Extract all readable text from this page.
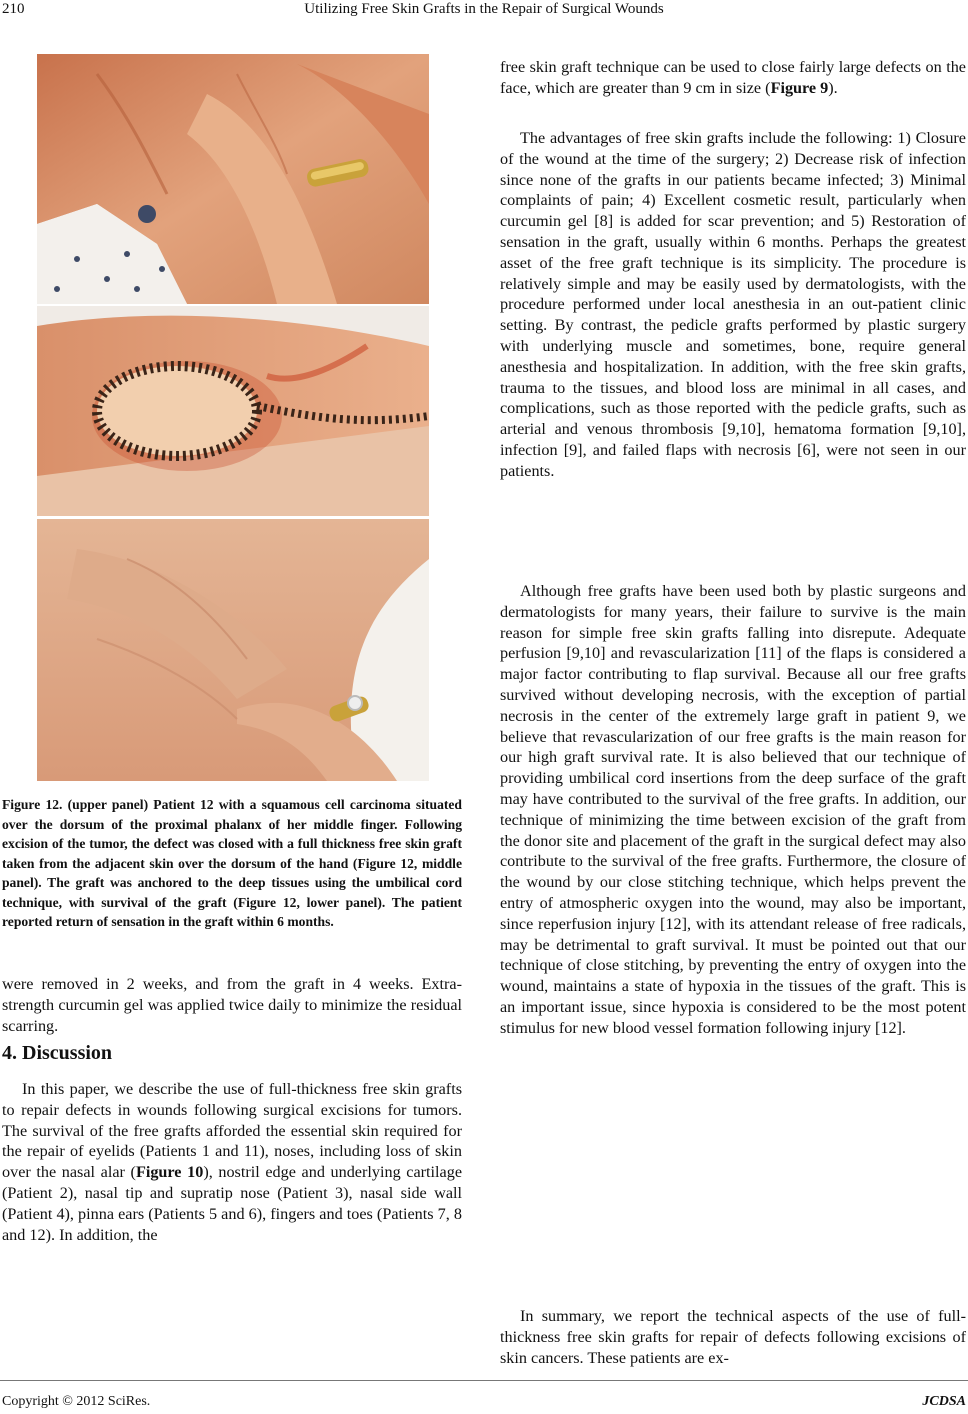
210	Utilizing Free Skin Grafts in the Repair of Surgical Wounds
Figure 12. (upper panel) Patient 12 with a squamous cell carcinoma situated over the dorsum of the proximal phalanx of her middle finger. Following excision of the tumor, the defect was closed with a full thickness free skin graft taken from the adjacent skin over the dorsum of the hand (Figure 12, middle panel). The graft was anchored to the deep tissues using the umbilical cord technique, with survival of the graft (Figure 12, lower panel). The patient reported return of sensation in the graft within 6 months.

were removed in 2 weeks, and from the graft in 4 weeks. Extra-strength curcumin gel was applied twice daily to minimize the residual scarring.

4. Discussion

In this paper, we describe the use of full-thickness free skin grafts to repair defects in wounds following surgical excisions for tumors. The survival of the free grafts afforded the essential skin required for the repair of eyelids (Patients 1 and 11), noses, including loss of skin over the nasal alar (Figure 10), nostril edge and underlying cartilage (Patient 2), nasal tip and supratip nose (Patient 3), nasal side wall (Patient 4), pinna ears (Patients 5 and 6), fingers and toes (Patients 7, 8 and 12). In addition, the

free skin graft technique can be used to close fairly large defects on the face, which are greater than 9 cm in size (Figure 9).

The advantages of free skin grafts include the following: 1) Closure of the wound at the time of the surgery; 2) Decrease risk of infection since none of the grafts in our patients became infected; 3) Minimal complaints of pain; 4) Excellent cosmetic result, particularly when curcumin gel [8] is added for scar prevention; and 5) Restoration of sensation in the graft, usually within 6 months. Perhaps the greatest asset of the free graft technique is its simplicity. The procedure is relatively simple and may be easily used by dermatologists, with the procedure performed under local anesthesia in an out-patient clinic setting. By contrast, the pedicle grafts performed by plastic surgery with underlying muscle and sometimes, bone, require general anesthesia and hospitalization. In addition, with the free skin grafts, trauma to the tissues, and blood loss are minimal in all cases, and complications, such as those reported with the pedicle grafts, such as arterial and venous thrombosis [9,10], hematoma formation [9,10], infection [9], and failed flaps with necrosis [6], were not seen in our patients.

Although free grafts have been used both by plastic surgeons and dermatologists for many years, their failure to survive is the main reason for simple free skin grafts falling into disrepute. Adequate perfusion [9,10] and revascularization [11] of the flaps is considered a major factor contributing to flap survival. Because all our free grafts survived without developing necrosis, with the exception of partial necrosis in the center of the extremely large graft in patient 9, we believe that revascularization of our free grafts is the main reason for our high graft survival rate. It is also believed that our technique of providing umbilical cord insertions from the deep surface of the graft may have contributed to the survival of the free grafts. In addition, our technique of minimizing the time between excision of the graft from the donor site and placement of the graft in the surgical defect may also contribute to the survival of the free grafts. Furthermore, the closure of the wound by our close stitching technique, which helps prevent the entry of atmospheric oxygen into the wound, may also be important, since reperfusion injury [12], with its attendant release of free radicals, may be detrimental to graft survival. It must be pointed out that our technique of close stitching, by preventing the entry of oxygen into the wound, maintains a state of hypoxia in the tissues of the graft. This is an important issue, since hypoxia is considered to be the most potent stimulus for new blood vessel formation following injury [12].

In summary, we report the technical aspects of the use of full-thickness free skin grafts for repair of defects following excisions of skin cancers. These patients are ex-

Copyright © 2012 SciRes.	JCDSA
